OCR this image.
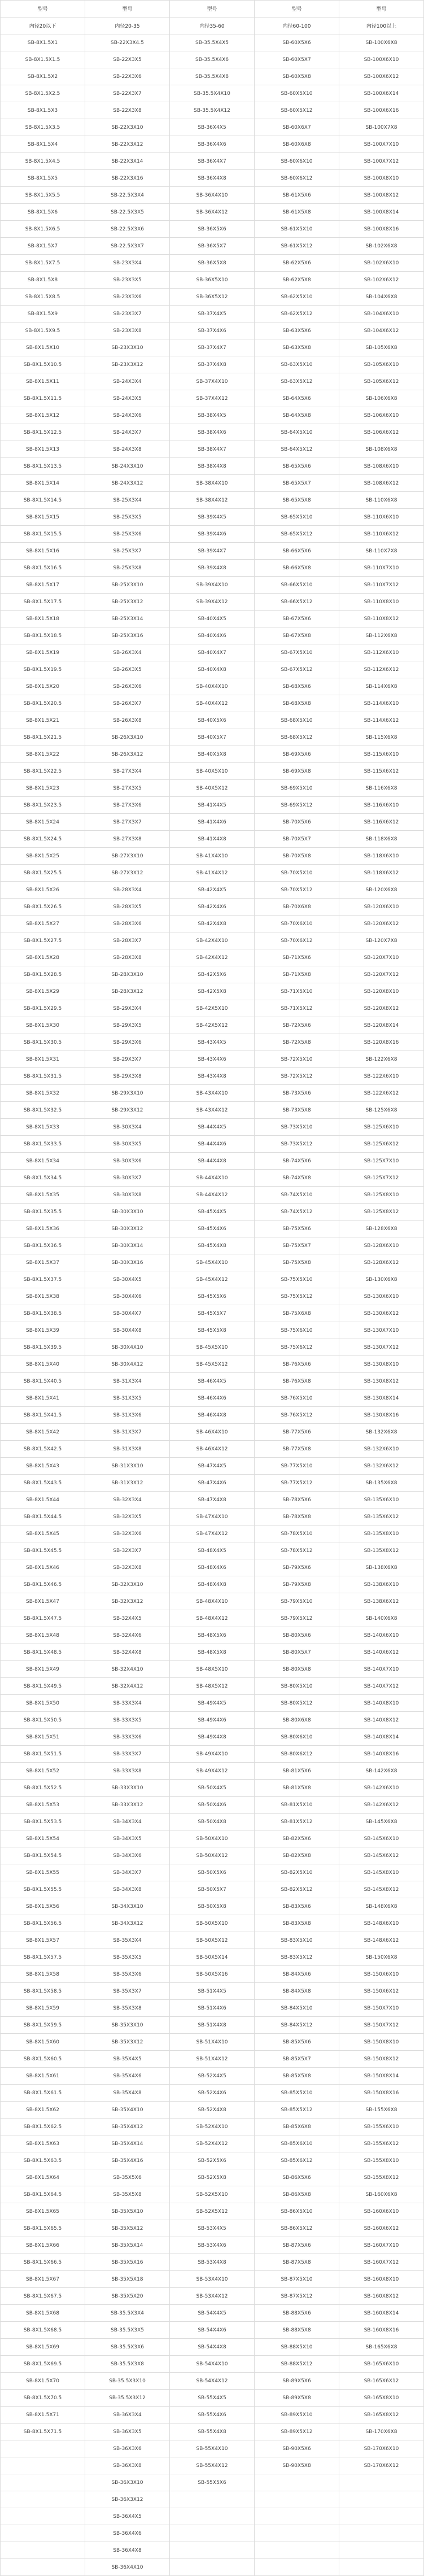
型号	型号	型号	型号	型号
内径20以下	内径20-35	内径35-60	内径60-100	内径100以上
SB-8X1.5X1	SB-22X3X4.5	SB-35.5X4X5	SB-60X5X6	SB-100X6X8
SB-8X1.5X1.5	SB-22X3X5	SB-35.5X4X6	SB-60X5X7	SB-100X6X10
SB-8X1.5X2	SB-22X3X6	SB-35.5X4X8	SB-60X5X8	SB-100X6X12
SB-8X1.5X2.5	SB-22X3X7	SB-35.5X4X10	SB-60X5X10	SB-100X6X14
SB-8X1.5X3	SB-22X3X8	SB-35.5X4X12	SB-60X5X12	SB-100X6X16
SB-8X1.5X3.5	SB-22X3X10	SB-36X4X5	SB-60X6X7	SB-100X7X8
SB-8X1.5X4	SB-22X3X12	SB-36X4X6	SB-60X6X8	SB-100X7X10
SB-8X1.5X4.5	SB-22X3X14	SB-36X4X7	SB-60X6X10	SB-100X7X12
SB-8X1.5X5	SB-22X3X16	SB-36X4X8	SB-60X6X12	SB-100X8X10
SB-8X1.5X5.5	SB-22.5X3X4	SB-36X4X10	SB-61X5X6	SB-100X8X12
SB-8X1.5X6	SB-22.5X3X5	SB-36X4X12	SB-61X5X8	SB-100X8X14
SB-8X1.5X6.5	SB-22.5X3X6	SB-36X5X6	SB-61X5X10	SB-100X8X16
SB-8X1.5X7	SB-22.5X3X7	SB-36X5X7	SB-61X5X12	SB-102X6X8
SB-8X1.5X7.5	SB-23X3X4	SB-36X5X8	SB-62X5X6	SB-102X6X10
SB-8X1.5X8	SB-23X3X5	SB-36X5X10	SB-62X5X8	SB-102X6X12
SB-8X1.5X8.5	SB-23X3X6	SB-36X5X12	SB-62X5X10	SB-104X6X8
SB-8X1.5X9	SB-23X3X7	SB-37X4X5	SB-62X5X12	SB-104X6X10
SB-8X1.5X9.5	SB-23X3X8	SB-37X4X6	SB-63X5X6	SB-104X6X12
SB-8X1.5X10	SB-23X3X10	SB-37X4X7	SB-63X5X8	SB-105X6X8
SB-8X1.5X10.5	SB-23X3X12	SB-37X4X8	SB-63X5X10	SB-105X6X10
SB-8X1.5X11	SB-24X3X4	SB-37X4X10	SB-63X5X12	SB-105X6X12
SB-8X1.5X11.5	SB-24X3X5	SB-37X4X12	SB-64X5X6	SB-106X6X8
SB-8X1.5X12	SB-24X3X6	SB-38X4X5	SB-64X5X8	SB-106X6X10
SB-8X1.5X12.5	SB-24X3X7	SB-38X4X6	SB-64X5X10	SB-106X6X12
SB-8X1.5X13	SB-24X3X8	SB-38X4X7	SB-64X5X12	SB-108X6X8
SB-8X1.5X13.5	SB-24X3X10	SB-38X4X8	SB-65X5X6	SB-108X6X10
SB-8X1.5X14	SB-24X3X12	SB-38X4X10	SB-65X5X7	SB-108X6X12
SB-8X1.5X14.5	SB-25X3X4	SB-38X4X12	SB-65X5X8	SB-110X6X8
SB-8X1.5X15	SB-25X3X5	SB-39X4X5	SB-65X5X10	SB-110X6X10
SB-8X1.5X15.5	SB-25X3X6	SB-39X4X6	SB-65X5X12	SB-110X6X12
SB-8X1.5X16	SB-25X3X7	SB-39X4X7	SB-66X5X6	SB-110X7X8
SB-8X1.5X16.5	SB-25X3X8	SB-39X4X8	SB-66X5X8	SB-110X7X10
SB-8X1.5X17	SB-25X3X10	SB-39X4X10	SB-66X5X10	SB-110X7X12
SB-8X1.5X17.5	SB-25X3X12	SB-39X4X12	SB-66X5X12	SB-110X8X10
SB-8X1.5X18	SB-25X3X14	SB-40X4X5	SB-67X5X6	SB-110X8X12
SB-8X1.5X18.5	SB-25X3X16	SB-40X4X6	SB-67X5X8	SB-112X6X8
SB-8X1.5X19	SB-26X3X4	SB-40X4X7	SB-67X5X10	SB-112X6X10
SB-8X1.5X19.5	SB-26X3X5	SB-40X4X8	SB-67X5X12	SB-112X6X12
SB-8X1.5X20	SB-26X3X6	SB-40X4X10	SB-68X5X6	SB-114X6X8
SB-8X1.5X20.5	SB-26X3X7	SB-40X4X12	SB-68X5X8	SB-114X6X10
SB-8X1.5X21	SB-26X3X8	SB-40X5X6	SB-68X5X10	SB-114X6X12
SB-8X1.5X21.5	SB-26X3X10	SB-40X5X7	SB-68X5X12	SB-115X6X8
SB-8X1.5X22	SB-26X3X12	SB-40X5X8	SB-69X5X6	SB-115X6X10
SB-8X1.5X22.5	SB-27X3X4	SB-40X5X10	SB-69X5X8	SB-115X6X12
SB-8X1.5X23	SB-27X3X5	SB-40X5X12	SB-69X5X10	SB-116X6X8
SB-8X1.5X23.5	SB-27X3X6	SB-41X4X5	SB-69X5X12	SB-116X6X10
SB-8X1.5X24	SB-27X3X7	SB-41X4X6	SB-70X5X6	SB-116X6X12
SB-8X1.5X24.5	SB-27X3X8	SB-41X4X8	SB-70X5X7	SB-118X6X8
SB-8X1.5X25	SB-27X3X10	SB-41X4X10	SB-70X5X8	SB-118X6X10
SB-8X1.5X25.5	SB-27X3X12	SB-41X4X12	SB-70X5X10	SB-118X6X12
SB-8X1.5X26	SB-28X3X4	SB-42X4X5	SB-70X5X12	SB-120X6X8
SB-8X1.5X26.5	SB-28X3X5	SB-42X4X6	SB-70X6X8	SB-120X6X10
SB-8X1.5X27	SB-28X3X6	SB-42X4X8	SB-70X6X10	SB-120X6X12
SB-8X1.5X27.5	SB-28X3X7	SB-42X4X10	SB-70X6X12	SB-120X7X8
SB-8X1.5X28	SB-28X3X8	SB-42X4X12	SB-71X5X6	SB-120X7X10
SB-8X1.5X28.5	SB-28X3X10	SB-42X5X6	SB-71X5X8	SB-120X7X12
SB-8X1.5X29	SB-28X3X12	SB-42X5X8	SB-71X5X10	SB-120X8X10
SB-8X1.5X29.5	SB-29X3X4	SB-42X5X10	SB-71X5X12	SB-120X8X12
SB-8X1.5X30	SB-29X3X5	SB-42X5X12	SB-72X5X6	SB-120X8X14
SB-8X1.5X30.5	SB-29X3X6	SB-43X4X5	SB-72X5X8	SB-120X8X16
SB-8X1.5X31	SB-29X3X7	SB-43X4X6	SB-72X5X10	SB-122X6X8
SB-8X1.5X31.5	SB-29X3X8	SB-43X4X8	SB-72X5X12	SB-122X6X10
SB-8X1.5X32	SB-29X3X10	SB-43X4X10	SB-73X5X6	SB-122X6X12
SB-8X1.5X32.5	SB-29X3X12	SB-43X4X12	SB-73X5X8	SB-125X6X8
SB-8X1.5X33	SB-30X3X4	SB-44X4X5	SB-73X5X10	SB-125X6X10
SB-8X1.5X33.5	SB-30X3X5	SB-44X4X6	SB-73X5X12	SB-125X6X12
SB-8X1.5X34	SB-30X3X6	SB-44X4X8	SB-74X5X6	SB-125X7X10
SB-8X1.5X34.5	SB-30X3X7	SB-44X4X10	SB-74X5X8	SB-125X7X12
SB-8X1.5X35	SB-30X3X8	SB-44X4X12	SB-74X5X10	SB-125X8X10
SB-8X1.5X35.5	SB-30X3X10	SB-45X4X5	SB-74X5X12	SB-125X8X12
SB-8X1.5X36	SB-30X3X12	SB-45X4X6	SB-75X5X6	SB-128X6X8
SB-8X1.5X36.5	SB-30X3X14	SB-45X4X8	SB-75X5X7	SB-128X6X10
SB-8X1.5X37	SB-30X3X16	SB-45X4X10	SB-75X5X8	SB-128X6X12
SB-8X1.5X37.5	SB-30X4X5	SB-45X4X12	SB-75X5X10	SB-130X6X8
SB-8X1.5X38	SB-30X4X6	SB-45X5X6	SB-75X5X12	SB-130X6X10
SB-8X1.5X38.5	SB-30X4X7	SB-45X5X7	SB-75X6X8	SB-130X6X12
SB-8X1.5X39	SB-30X4X8	SB-45X5X8	SB-75X6X10	SB-130X7X10
SB-8X1.5X39.5	SB-30X4X10	SB-45X5X10	SB-75X6X12	SB-130X7X12
SB-8X1.5X40	SB-30X4X12	SB-45X5X12	SB-76X5X6	SB-130X8X10
SB-8X1.5X40.5	SB-31X3X4	SB-46X4X5	SB-76X5X8	SB-130X8X12
SB-8X1.5X41	SB-31X3X5	SB-46X4X6	SB-76X5X10	SB-130X8X14
SB-8X1.5X41.5	SB-31X3X6	SB-46X4X8	SB-76X5X12	SB-130X8X16
SB-8X1.5X42	SB-31X3X7	SB-46X4X10	SB-77X5X6	SB-132X6X8
SB-8X1.5X42.5	SB-31X3X8	SB-46X4X12	SB-77X5X8	SB-132X6X10
SB-8X1.5X43	SB-31X3X10	SB-47X4X5	SB-77X5X10	SB-132X6X12
SB-8X1.5X43.5	SB-31X3X12	SB-47X4X6	SB-77X5X12	SB-135X6X8
SB-8X1.5X44	SB-32X3X4	SB-47X4X8	SB-78X5X6	SB-135X6X10
SB-8X1.5X44.5	SB-32X3X5	SB-47X4X10	SB-78X5X8	SB-135X6X12
SB-8X1.5X45	SB-32X3X6	SB-47X4X12	SB-78X5X10	SB-135X8X10
SB-8X1.5X45.5	SB-32X3X7	SB-48X4X5	SB-78X5X12	SB-135X8X12
SB-8X1.5X46	SB-32X3X8	SB-48X4X6	SB-79X5X6	SB-138X6X8
SB-8X1.5X46.5	SB-32X3X10	SB-48X4X8	SB-79X5X8	SB-138X6X10
SB-8X1.5X47	SB-32X3X12	SB-48X4X10	SB-79X5X10	SB-138X6X12
SB-8X1.5X47.5	SB-32X4X5	SB-48X4X12	SB-79X5X12	SB-140X6X8
SB-8X1.5X48	SB-32X4X6	SB-48X5X6	SB-80X5X6	SB-140X6X10
SB-8X1.5X48.5	SB-32X4X8	SB-48X5X8	SB-80X5X7	SB-140X6X12
SB-8X1.5X49	SB-32X4X10	SB-48X5X10	SB-80X5X8	SB-140X7X10
SB-8X1.5X49.5	SB-32X4X12	SB-48X5X12	SB-80X5X10	SB-140X7X12
SB-8X1.5X50	SB-33X3X4	SB-49X4X5	SB-80X5X12	SB-140X8X10
SB-8X1.5X50.5	SB-33X3X5	SB-49X4X6	SB-80X6X8	SB-140X8X12
SB-8X1.5X51	SB-33X3X6	SB-49X4X8	SB-80X6X10	SB-140X8X14
SB-8X1.5X51.5	SB-33X3X7	SB-49X4X10	SB-80X6X12	SB-140X8X16
SB-8X1.5X52	SB-33X3X8	SB-49X4X12	SB-81X5X6	SB-142X6X8
SB-8X1.5X52.5	SB-33X3X10	SB-50X4X5	SB-81X5X8	SB-142X6X10
SB-8X1.5X53	SB-33X3X12	SB-50X4X6	SB-81X5X10	SB-142X6X12
SB-8X1.5X53.5	SB-34X3X4	SB-50X4X8	SB-81X5X12	SB-145X6X8
SB-8X1.5X54	SB-34X3X5	SB-50X4X10	SB-82X5X6	SB-145X6X10
SB-8X1.5X54.5	SB-34X3X6	SB-50X4X12	SB-82X5X8	SB-145X6X12
SB-8X1.5X55	SB-34X3X7	SB-50X5X6	SB-82X5X10	SB-145X8X10
SB-8X1.5X55.5	SB-34X3X8	SB-50X5X7	SB-82X5X12	SB-145X8X12
SB-8X1.5X56	SB-34X3X10	SB-50X5X8	SB-83X5X6	SB-148X6X8
SB-8X1.5X56.5	SB-34X3X12	SB-50X5X10	SB-83X5X8	SB-148X6X10
SB-8X1.5X57	SB-35X3X4	SB-50X5X12	SB-83X5X10	SB-148X6X12
SB-8X1.5X57.5	SB-35X3X5	SB-50X5X14	SB-83X5X12	SB-150X6X8
SB-8X1.5X58	SB-35X3X6	SB-50X5X16	SB-84X5X6	SB-150X6X10
SB-8X1.5X58.5	SB-35X3X7	SB-51X4X5	SB-84X5X8	SB-150X6X12
SB-8X1.5X59	SB-35X3X8	SB-51X4X6	SB-84X5X10	SB-150X7X10
SB-8X1.5X59.5	SB-35X3X10	SB-51X4X8	SB-84X5X12	SB-150X7X12
SB-8X1.5X60	SB-35X3X12	SB-51X4X10	SB-85X5X6	SB-150X8X10
SB-8X1.5X60.5	SB-35X4X5	SB-51X4X12	SB-85X5X7	SB-150X8X12
SB-8X1.5X61	SB-35X4X6	SB-52X4X5	SB-85X5X8	SB-150X8X14
SB-8X1.5X61.5	SB-35X4X8	SB-52X4X6	SB-85X5X10	SB-150X8X16
SB-8X1.5X62	SB-35X4X10	SB-52X4X8	SB-85X5X12	SB-155X6X8
SB-8X1.5X62.5	SB-35X4X12	SB-52X4X10	SB-85X6X8	SB-155X6X10
SB-8X1.5X63	SB-35X4X14	SB-52X4X12	SB-85X6X10	SB-155X6X12
SB-8X1.5X63.5	SB-35X4X16	SB-52X5X6	SB-85X6X12	SB-155X8X10
SB-8X1.5X64	SB-35X5X6	SB-52X5X8	SB-86X5X6	SB-155X8X12
SB-8X1.5X64.5	SB-35X5X8	SB-52X5X10	SB-86X5X8	SB-160X6X8
SB-8X1.5X65	SB-35X5X10	SB-52X5X12	SB-86X5X10	SB-160X6X10
SB-8X1.5X65.5	SB-35X5X12	SB-53X4X5	SB-86X5X12	SB-160X6X12
SB-8X1.5X66	SB-35X5X14	SB-53X4X6	SB-87X5X6	SB-160X7X10
SB-8X1.5X66.5	SB-35X5X16	SB-53X4X8	SB-87X5X8	SB-160X7X12
SB-8X1.5X67	SB-35X5X18	SB-53X4X10	SB-87X5X10	SB-160X8X10
SB-8X1.5X67.5	SB-35X5X20	SB-53X4X12	SB-87X5X12	SB-160X8X12
SB-8X1.5X68	SB-35.5X3X4	SB-54X4X5	SB-88X5X6	SB-160X8X14
SB-8X1.5X68.5	SB-35.5X3X5	SB-54X4X6	SB-88X5X8	SB-160X8X16
SB-8X1.5X69	SB-35.5X3X6	SB-54X4X8	SB-88X5X10	SB-165X6X8
SB-8X1.5X69.5	SB-35.5X3X8	SB-54X4X10	SB-88X5X12	SB-165X6X10
SB-8X1.5X70	SB-35.5X3X10	SB-54X4X12	SB-89X5X6	SB-165X6X12
SB-8X1.5X70.5	SB-35.5X3X12	SB-55X4X5	SB-89X5X8	SB-165X8X10
SB-8X1.5X71	SB-36X3X4	SB-55X4X6	SB-89X5X10	SB-165X8X12
SB-8X1.5X71.5	SB-36X3X5	SB-55X4X8	SB-89X5X12	SB-170X6X8
	SB-36X3X6	SB-55X4X10	SB-90X5X6	SB-170X6X10
	SB-36X3X8	SB-55X4X12	SB-90X5X8	SB-170X6X12
	SB-36X3X10	SB-55X5X6		
	SB-36X3X12			
	SB-36X4X5			
	SB-36X4X6			
	SB-36X4X8			
	SB-36X4X10			
